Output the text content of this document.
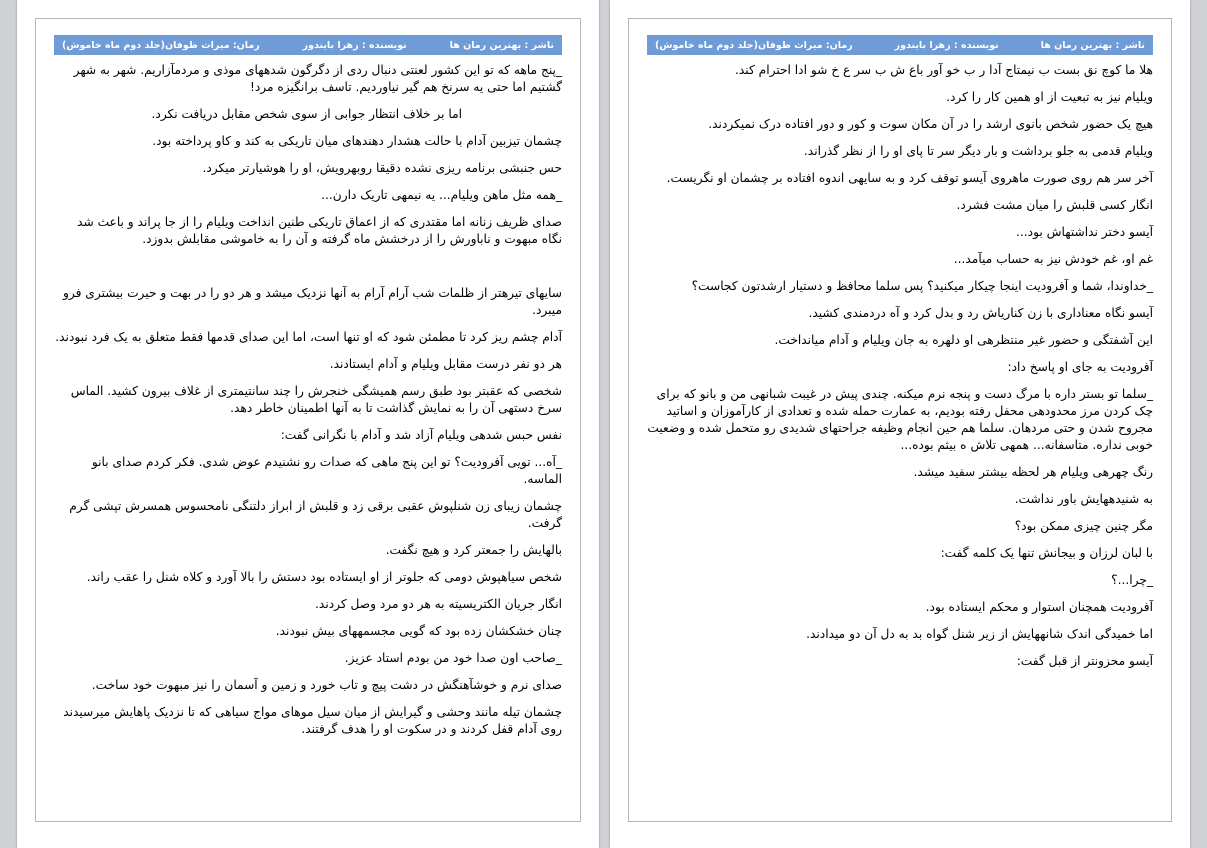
رمان: میراث طوفان(جلد دوم ماه خاموش)	نویسنده : زهرا بایندور	ناشر : بهترین رمان ها

_پنج ماهه که تو این کشور لعنتی دنبال ردی از دگرگون شدههای موذی و مردمآزاریم. شهر به شهر گشتیم اما حتی یه سرنخ هم گیر نیاوردیم. تاسف برانگیزه مرد!

اما بر خلاف انتظار جوابی از سوی شخص مقابل دریافت نکرد.

چشمان تیزبین آدام با حالت هشدار دهندهای میان تاریکی به کند و کاو پرداخته بود.

حس جنبشی برنامه ریزی نشده دقیقا روبهرویش، او را هوشیارتر میکرد.

_همه مثل ماهن ویلیام... یه نیمهی تاریک دارن...

صدای ظریف زنانه اما مقتدری که از اعماق تاریکی طنین انداخت ویلیام را از جا پراند و باعث شد نگاه مبهوت و ناباورش را از درخشش ماه گرفته و آن را به خاموشی مقابلش بدوزد.

سایهای تیرهتر از ظلمات شب آرام آرام به آنها نزدیک میشد و هر دو را در بهت و حیرت بیشتری فرو میبرد.

آدام چشم ریز کرد تا مطمئن شود که او تنها است، اما این صدای قدمها فقط متعلق به یک فرد نبودند.

هر دو نفر درست مقابل ویلیام و آدام ایستادند.

شخصی که عقبتر بود طبق رسم همیشگی خنجرش را چند سانتیمتری از غلاف بیرون کشید. الماس سرخ دستهی آن را به نمایش گذاشت تا به آنها اطمینان خاطر دهد.

نفس حبس شدهی ویلیام آزاد شد و آدام با نگرانی گفت:

_آه... تویی آفرودیت؟ تو این پنج ماهی که صدات رو نشنیدم عوض شدی. فکر کردم صدای بانو الماسه.

چشمان زیبای زن شنلپوش عقبی برقی زد و قلبش از ابراز دلتنگی نامحسوس همسرش تپشی گرم گرفت.

بالهایش را جمعتر کرد و هیچ نگفت.

شخص سیاهپوش دومی که جلوتر از او ایستاده بود دستش را بالا آورد و کلاه شنل را عقب راند.

انگار جریان الکتریسیته به هر دو مرد وصل کردند.

چنان خشکشان زده بود که گویی مجسمههای بیش نبودند.

_صاحب اون صدا خود من بودم استاد عزیز.

صدای نرم و خوشآهنگش در دشت پیچ و تاب خورد و زمین و آسمان را نیز مبهوت خود ساخت.

چشمان تیله مانند وحشی و گیرایش از میان سیل موهای مواج سیاهی که تا نزدیک پاهایش میرسیدند روی آدام قفل کردند و در سکوت او را هدف گرفتند.

رمان: میراث طوفان(جلد دوم ماه خاموش)	نویسنده : زهرا بایندور	ناشر : بهترین رمان ها

هلا ما کوچ نق بست ب نیمتاج آدا ر ب خو آور باع ش ب سر ع خ شو ادا احترام کند.

ویلیام نیز به تبعیت از او همین کار را کرد.

هیچ یک حضور شخص بانوی ارشد را در آن مکان سوت و کور و دور افتاده درک نمیکردند.

ویلیام قدمی به جلو برداشت و بار دیگر سر تا پای او را از نظر گذراند.

آخر سر هم روی صورت ماهروی آیسو توقف کرد و به سایهی اندوه افتاده بر چشمان او نگریست.

انگار کسی قلبش را میان مشت فشرد.

آیسو دختر نداشتهاش بود...

غم او، غم خودش نیز به حساب میآمد...

_خداوندا، شما و آفرودیت اینجا چیکار میکنید؟ پس سلما محافظ و دستیار ارشدتون کجاست؟

آیسو نگاه معناداری با زن کناریاش رد و بدل کرد و آه دردمندی کشید.

این آشفتگی و حضور غیر منتظرهی او دلهره به جان ویلیام و آدام میانداخت.

آفرودیت به جای او پاسخ داد:

_سلما تو بستر داره با مرگ دست و پنجه نرم میکنه. چندی پیش در غیبت شبانهی من و بانو که برای چک کردن مرز محدودهی محفل رفته بودیم، به عمارت حمله شده و تعدادی از کارآموزان و اساتید مجروح شدن و حتی مردهان. سلما هم حین انجام وظیفه جراحتهای شدیدی رو متحمل شده و وضعیت خوبی نداره. متاسفانه... همهی تلاش ه بیثم بوده...

رنگ چهرهی ویلیام هر لحظه بیشتر سفید میشد.

به شنیدههایش باور نداشت.

مگر چنین چیزی ممکن بود؟

با لبان لرزان و بیجانش تنها یک کلمه گفت:

_چرا...؟

آفرودیت همچنان استوار و محکم ایستاده بود.

اما خمیدگی اندک شانههایش از زیر شنل گواه بد به دل آن دو میدادند.

آیسو محزونتر از قبل گفت:
